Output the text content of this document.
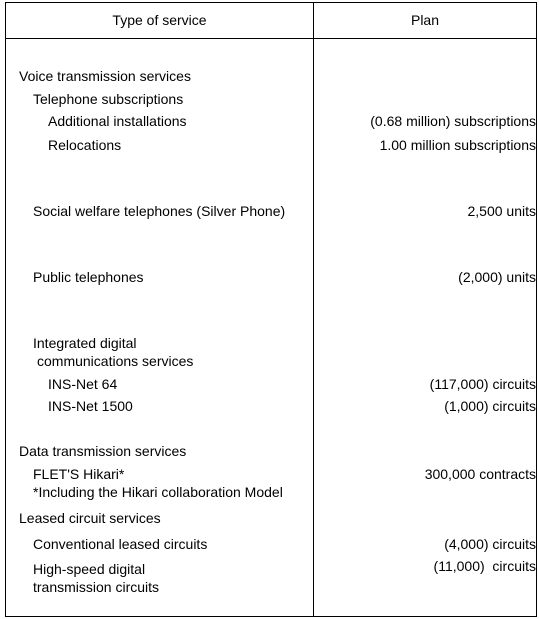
Type of service	Plan
Voice transmission services
Telephone subscriptions
Additional installations	(0.68 million) subscriptions
Relocations	1.00 million subscriptions
Social welfare telephones (Silver Phone)	2,500 units
Public telephones	(2,000) units
Integrated digital
communications services
INS-Net 64	(117,000) circuits
INS-Net 1500	(1,000) circuits
Data transmission services
FLET'S Hikari*	300,000 contracts
*Including the Hikari collaboration Model
Leased circuit services
Conventional leased circuits	(4,000) circuits
High-speed digital	(11,000)  circuits
transmission circuits
